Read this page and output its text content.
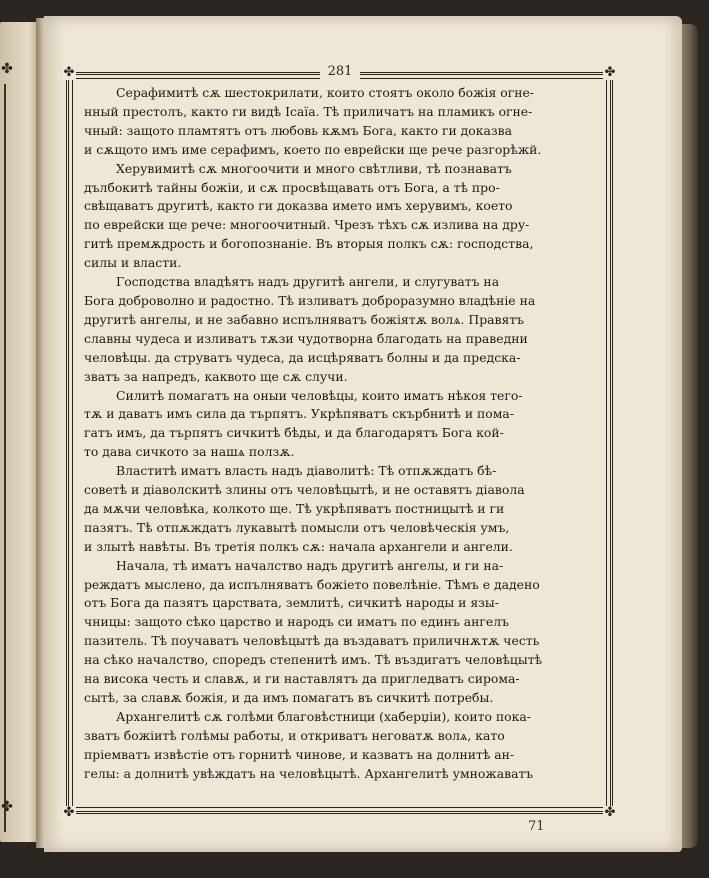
✤
✤
✤	✤
✤	✤
281

Серафимитѣ сѫ шестокрилати, които стоятъ около божія огне-
нный престолъ, както ги видѣ Ісаїа. Тѣ приличатъ на пламикъ огне-
чный: защото пламтятъ отъ любовь кѫмъ Бога, както ги доказва
и сѫщото имъ име серафимъ, което по еврейски ще рече разгорѣжй.

Херувимитѣ сѫ многоочити и много свѣтливи, тѣ познаватъ
дълбокитѣ тайны божіи, и сѫ просвѣщавать отъ Бога, а тѣ про-
свѣщаватъ другитѣ, както ги доказва името имъ херувимъ, което
по еврейски ще рече: многоочитный. Чрезъ тѣхъ сѫ излива на дру-
гитѣ премѫдрость и богопознаніе. Въ вторыя полкъ сѫ: господства,
силы и власти.

Господства владѣятъ надъ другитѣ ангели, и слугуватъ на
Бога доброволно и радостно. Тѣ изливатъ доброразумно владѣніе на
другитѣ ангелы, и не забавно испълняватъ божіятѫ волѧ. Правятъ
славны чудеса и изливатъ тѫзи чудотворна благодать на праведни
человѣцы. да струватъ чудеса, да исцѣряватъ болны и да предска-
зватъ за напредъ, каквото ще сѫ случи.

Силитѣ помагатъ на оныи человѣцы, които иматъ нѣкоя тего-
тѫ и даватъ имъ сила да търпятъ. Укрѣпяватъ скърбнитѣ и пома-
гатъ имъ, да търпятъ сичкитѣ бѣды, и да благодарятъ Бога кой-
то дава сичкото за нашѧ ползѫ.

Властитѣ иматъ власть надъ діаволитѣ: Тѣ отпѫждатъ бѣ-
советѣ и діаволскитѣ злины отъ человѣцытѣ, и не оставятъ діавола
да мѫчи человѣка, колкото ще. Тѣ укрѣпяватъ постницытѣ и ги
пазятъ. Тѣ отпѫждатъ лукавытѣ помысли отъ человѣческія умъ,
и злытѣ навѣты. Въ третія полкъ сѫ: начала архангели и ангели.

Начала, тѣ иматъ началство надъ другитѣ ангелы, и ги на-
реждатъ мысленo, да испълняватъ божіето повелѣніе. Тѣмъ е дадено
отъ Бога да пазятъ царствата, землитѣ, сичкитѣ народы и язы-
чницы: защото сѣко царство и народъ си иматъ по единъ ангелъ
пазитель. Тѣ поучаватъ человѣцытѣ да въздаватъ приличнѫтѫ честь
на сѣко началство, споредъ степенитѣ имъ. Тѣ въздигатъ человѣцытѣ
на висока честь и славѫ, и ги наставлятъ да пригледватъ сирома-
сытѣ, за славѫ божія, и да имъ помагатъ въ сичкитѣ потребы.

Архангелитѣ сѫ голѣми благовѣстници (хаберџіи), които пока-
зватъ божіитѣ голѣмы работы, и откриватъ неговатѫ волѧ, като
пріемватъ извѣстіе отъ горнитѣ чинове, и казватъ на долнитѣ ан-
гелы: а долнитѣ увѣждатъ на человѣцытѣ. Архангелитѣ умножаватъ

71
